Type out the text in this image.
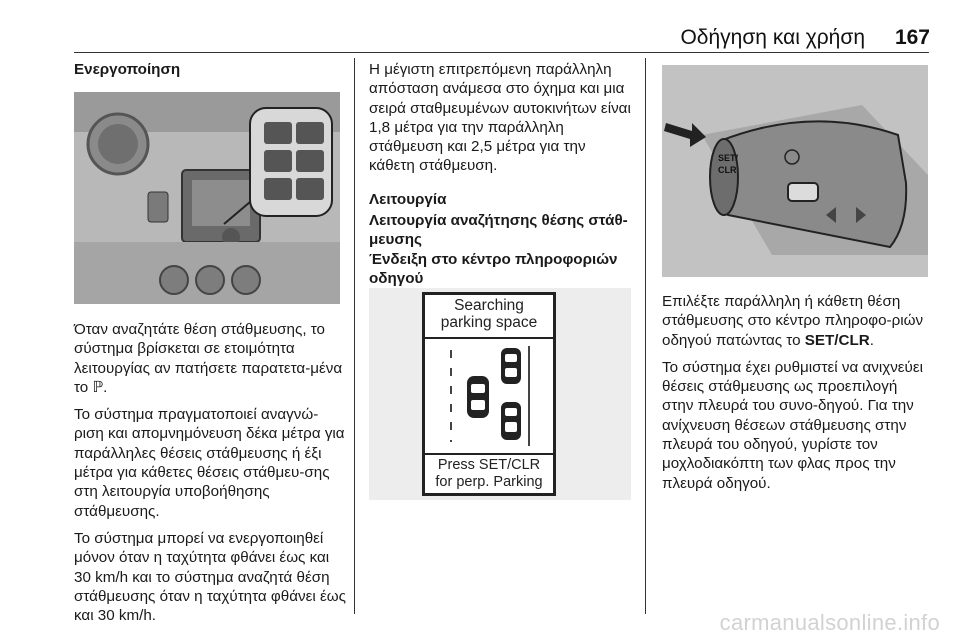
Οδήγηση και χρήση 167

Ενεργοποίηση

Όταν αναζητάτε θέση στάθμευσης, το σύστημα βρίσκεται σε ετοιμότητα λειτουργίας αν πατήσετε παρατετα-μένα το ℙ.

Το σύστημα πραγματοποιεί αναγνώ-ριση και απομνημόνευση δέκα μέτρα για παράλληλες θέσεις στάθμευσης ή έξι μέτρα για κάθετες θέσεις στάθμευ-σης στη λειτουργία υποβοήθησης στάθμευσης.

Το σύστημα μπορεί να ενεργοποιηθεί μόνον όταν η ταχύτητα φθάνει έως και 30 km/h και το σύστημα αναζητά θέση στάθμευσης όταν η ταχύτητα φθάνει έως και 30 km/h.

Η μέγιστη επιτρεπόμενη παράλληλη απόσταση ανάμεσα στο όχημα και μια σειρά σταθμευμένων αυτοκινήτων είναι 1,8 μέτρα για την παράλληλη στάθμευση και 2,5 μέτρα για την κάθετη στάθμευση.

Λειτουργία

Λειτουργία αναζήτησης θέσης στάθ-μευσης

Ένδειξη στο κέντρο πληροφοριών οδηγού

Searching
parking space
Press SET/CLR
for perp. Parking
SET/
CLR

Επιλέξτε παράλληλη ή κάθετη θέση στάθμευσης στο κέντρο πληροφο-ριών οδηγού πατώντας το SET/CLR.

Το σύστημα έχει ρυθμιστεί να ανιχνεύει θέσεις στάθμευσης ως προεπιλογή στην πλευρά του συνο-δηγού. Για την ανίχνευση θέσεων στάθμευσης στην πλευρά του οδηγού, γυρίστε τον μοχλοδιακόπτη των φλας προς την πλευρά οδηγού.

carmanualsonline.info
